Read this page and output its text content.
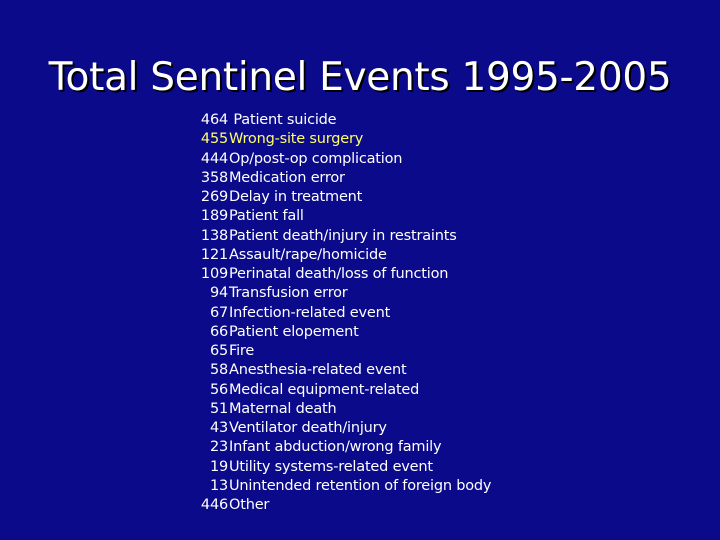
Total Sentinel Events 1995-2005
464 Patient suicide
455Wrong-site surgery
444Op/post-op complication
358Medication error
269Delay in treatment
189Patient fall
138Patient death/injury in restraints
121Assault/rape/homicide
109Perinatal death/loss of function
94Transfusion error
67Infection-related event
66Patient elopement
65Fire
58Anesthesia-related event
56Medical equipment-related
51Maternal death
43Ventilator death/injury
23Infant abduction/wrong family
19Utility systems-related event
13Unintended retention of foreign body
446Other
